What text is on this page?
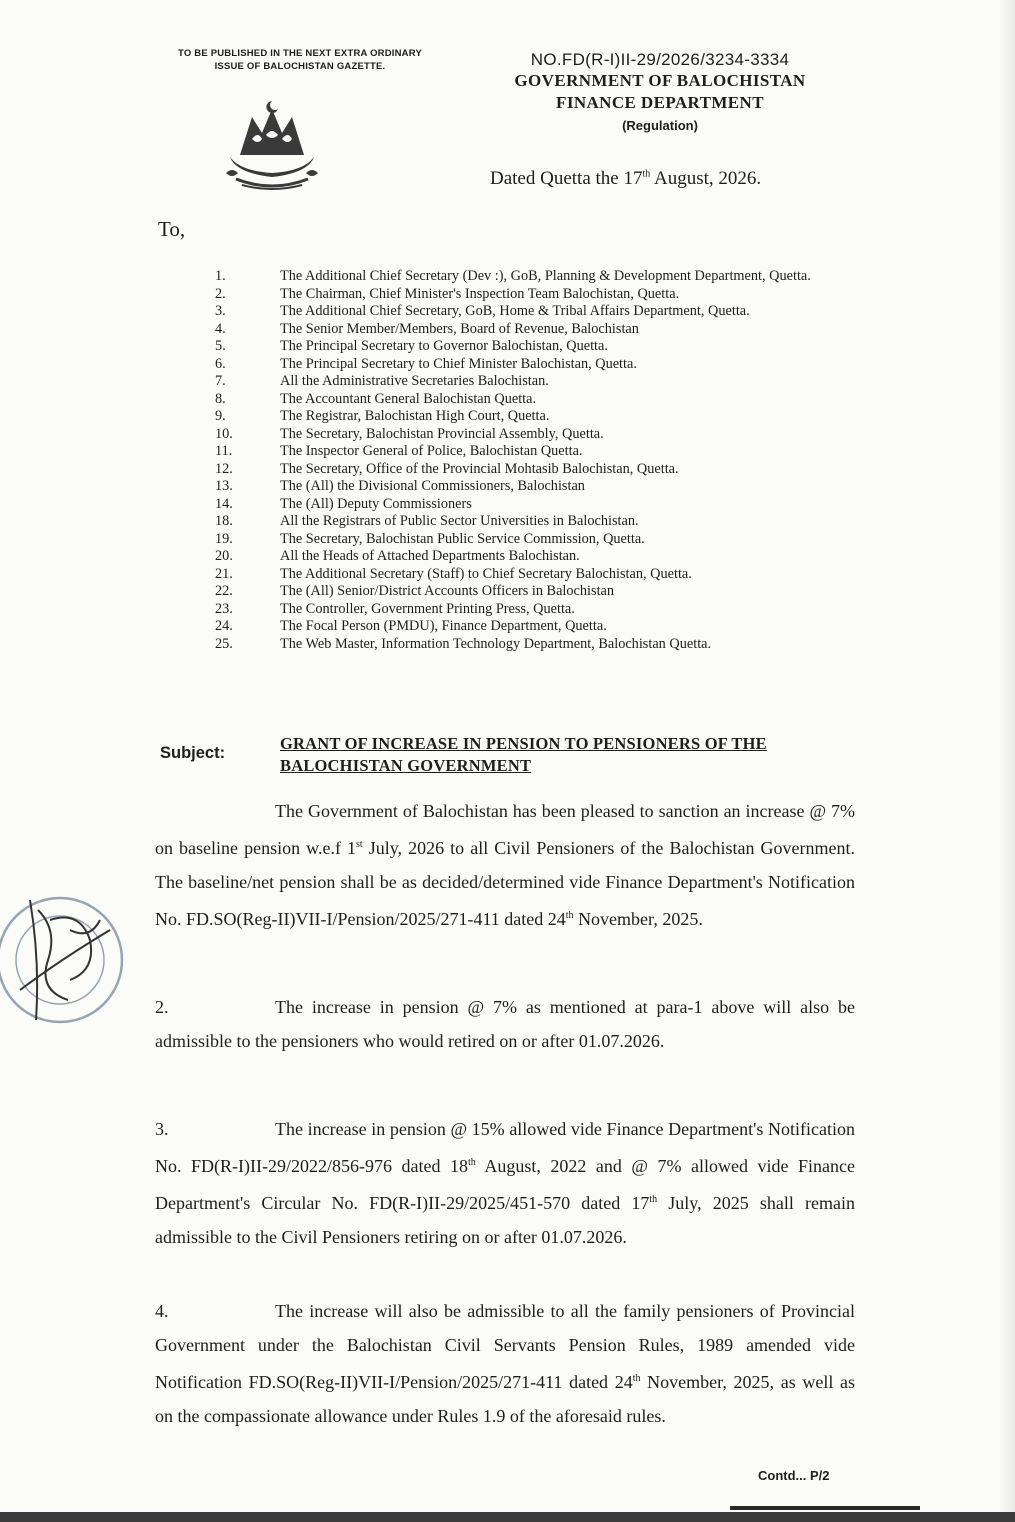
TO BE PUBLISHED IN THE NEXT EXTRA ORDINARY
ISSUE OF BALOCHISTAN GAZETTE.	NO.FD(R-I)II-29/2026/3234-3334
GOVERNMENT OF BALOCHISTAN
FINANCE DEPARTMENT
(Regulation)
Dated Quetta the 17th August, 2026.
To,
1.	The Additional Chief Secretary (Dev :), GoB, Planning & Development Department, Quetta.
2.	The Chairman, Chief Minister's Inspection Team Balochistan, Quetta.
3.	The Additional Chief Secretary, GoB, Home & Tribal Affairs Department, Quetta.
4.	The Senior Member/Members, Board of Revenue, Balochistan
5.	The Principal Secretary to Governor Balochistan, Quetta.
6.	The Principal Secretary to Chief Minister Balochistan, Quetta.
7.	All the Administrative Secretaries Balochistan.
8.	The Accountant General Balochistan Quetta.
9.	The Registrar, Balochistan High Court, Quetta.
10.	The Secretary, Balochistan Provincial Assembly, Quetta.
11.	The Inspector General of Police, Balochistan Quetta.
12.	The Secretary, Office of the Provincial Mohtasib Balochistan, Quetta.
13.	The (All) the Divisional Commissioners, Balochistan
14.	The (All) Deputy Commissioners
18.	All the Registrars of Public Sector Universities in Balochistan.
19.	The Secretary, Balochistan Public Service Commission, Quetta.
20.	All the Heads of Attached Departments Balochistan.
21.	The Additional Secretary (Staff) to Chief Secretary Balochistan, Quetta.
22.	The (All) Senior/District Accounts Officers in Balochistan
23.	The Controller, Government Printing Press, Quetta.
24.	The Focal Person (PMDU), Finance Department, Quetta.
25.	The Web Master, Information Technology Department, Balochistan Quetta.
Subject:	GRANT OF INCREASE IN PENSION TO PENSIONERS OF THE BALOCHISTAN GOVERNMENT
The Government of Balochistan has been pleased to sanction an increase @ 7% on baseline pension w.e.f 1st July, 2026 to all Civil Pensioners of the Balochistan Government. The baseline/net pension shall be as decided/determined vide Finance Department's Notification No. FD.SO(Reg-II)VII-I/Pension/2025/271-411 dated 24th November, 2025.
2.	The increase in pension @ 7% as mentioned at para-1 above will also be admissible to the pensioners who would retired on or after 01.07.2026.
3.	The increase in pension @ 15% allowed vide Finance Department's Notification No. FD(R-I)II-29/2022/856-976 dated 18th August, 2022 and @ 7% allowed vide Finance Department's Circular No. FD(R-I)II-29/2025/451-570 dated 17th July, 2025 shall remain admissible to the Civil Pensioners retiring on or after 01.07.2026.
4.	The increase will also be admissible to all the family pensioners of Provincial Government under the Balochistan Civil Servants Pension Rules, 1989 amended vide Notification FD.SO(Reg-II)VII-I/Pension/2025/271-411 dated 24th November, 2025, as well as on the compassionate allowance under Rules 1.9 of the aforesaid rules.
Contd... P/2
